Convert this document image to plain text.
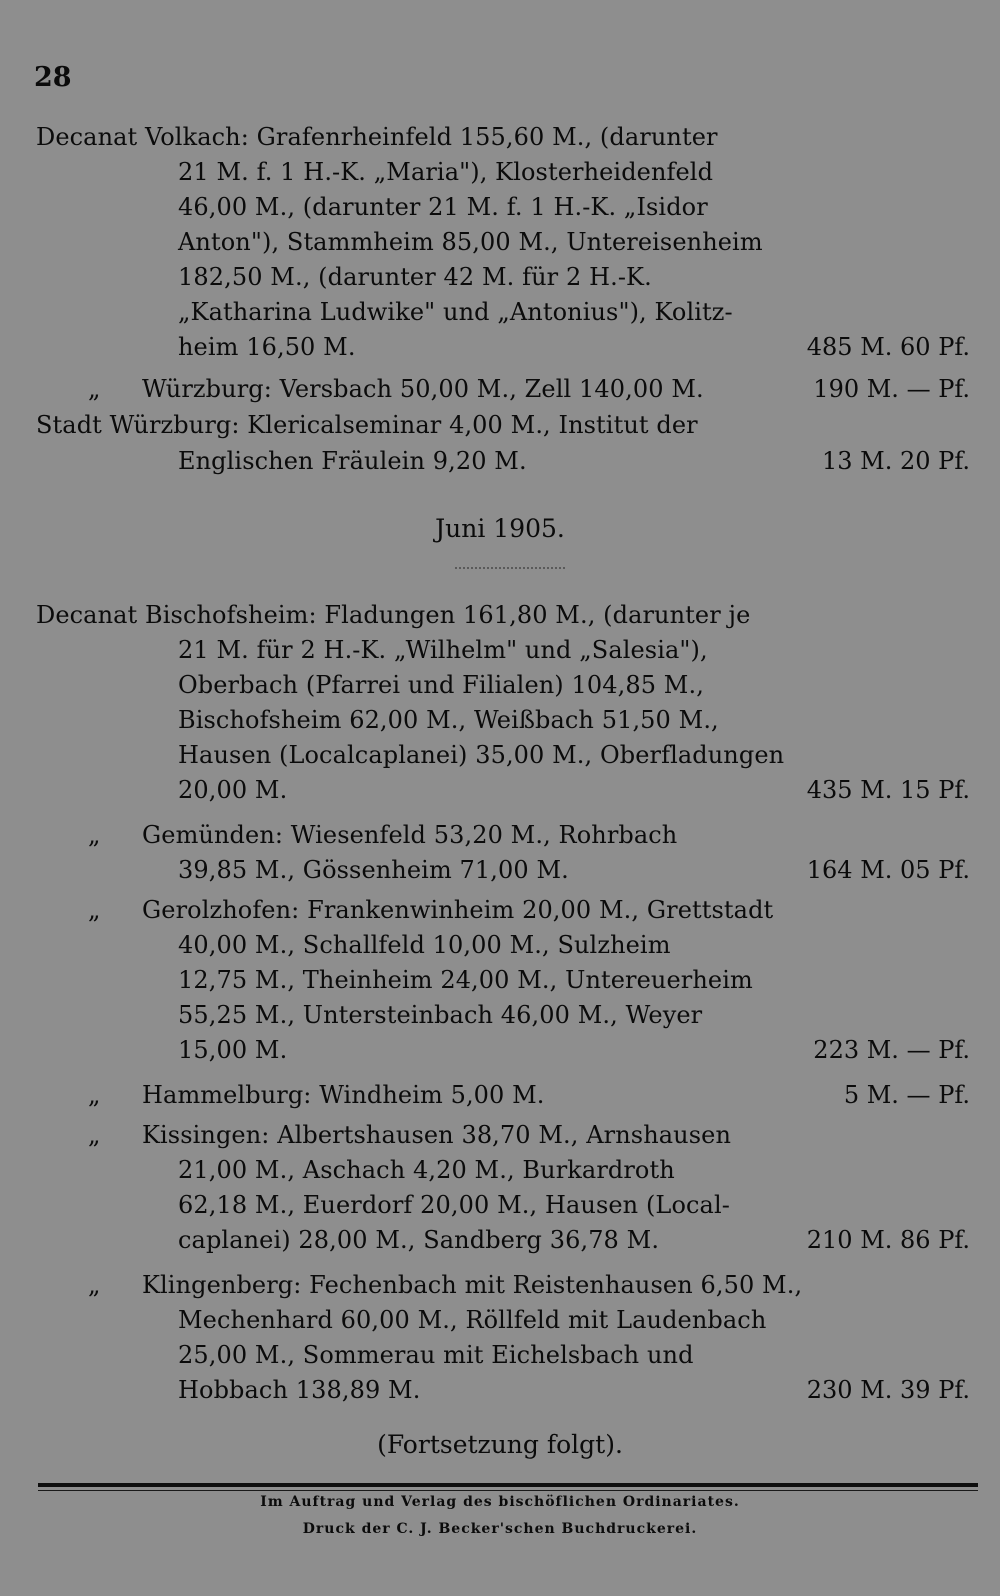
28
Decanat Volkach: Grafenrheinfeld 155,60 M., (darunter
21 M. f. 1 H.-K. „Maria"), Klosterheidenfeld
46,00 M., (darunter 21 M. f. 1 H.-K. „Isidor
Anton"), Stammheim 85,00 M., Untereisenheim
182,50 M., (darunter 42 M. für 2 H.-K.
„Katharina Ludwike" und „Antonius"), Kolitz-
heim 16,50 M.	485 M. 60 Pf.
„ Würzburg: Versbach 50,00 M., Zell 140,00 M.	190 M. — Pf.
Stadt Würzburg: Klericalseminar 4,00 M., Institut der
Englischen Fräulein 9,20 M.	13 M. 20 Pf.
Juni 1905.
Decanat Bischofsheim: Fladungen 161,80 M., (darunter je
21 M. für 2 H.-K. „Wilhelm" und „Salesia"),
Oberbach (Pfarrei und Filialen) 104,85 M.,
Bischofsheim 62,00 M., Weißbach 51,50 M.,
Hausen (Localcaplanei) 35,00 M., Oberfladungen
20,00 M.	435 M. 15 Pf.
„ Gemünden: Wiesenfeld 53,20 M., Rohrbach
39,85 M., Gössenheim 71,00 M.	164 M. 05 Pf.
„ Gerolzhofen: Frankenwinheim 20,00 M., Grettstadt
40,00 M., Schallfeld 10,00 M., Sulzheim
12,75 M., Theinheim 24,00 M., Untereuerheim
55,25 M., Untersteinbach 46,00 M., Weyer
15,00 M.	223 M. — Pf.
„ Hammelburg: Windheim 5,00 M.	5 M. — Pf.
„ Kissingen: Albertshausen 38,70 M., Arnshausen
21,00 M., Aschach 4,20 M., Burkardroth
62,18 M., Euerdorf 20,00 M., Hausen (Local-
caplanei) 28,00 M., Sandberg 36,78 M.	210 M. 86 Pf.
„ Klingenberg: Fechenbach mit Reistenhausen 6,50 M.,
Mechenhard 60,00 M., Röllfeld mit Laudenbach
25,00 M., Sommerau mit Eichelsbach und
Hobbach 138,89 M.	230 M. 39 Pf.
(Fortsetzung folgt).
Im Auftrag und Verlag des bischöflichen Ordinariates.
Druck der C. J. Becker'schen Buchdruckerei.
